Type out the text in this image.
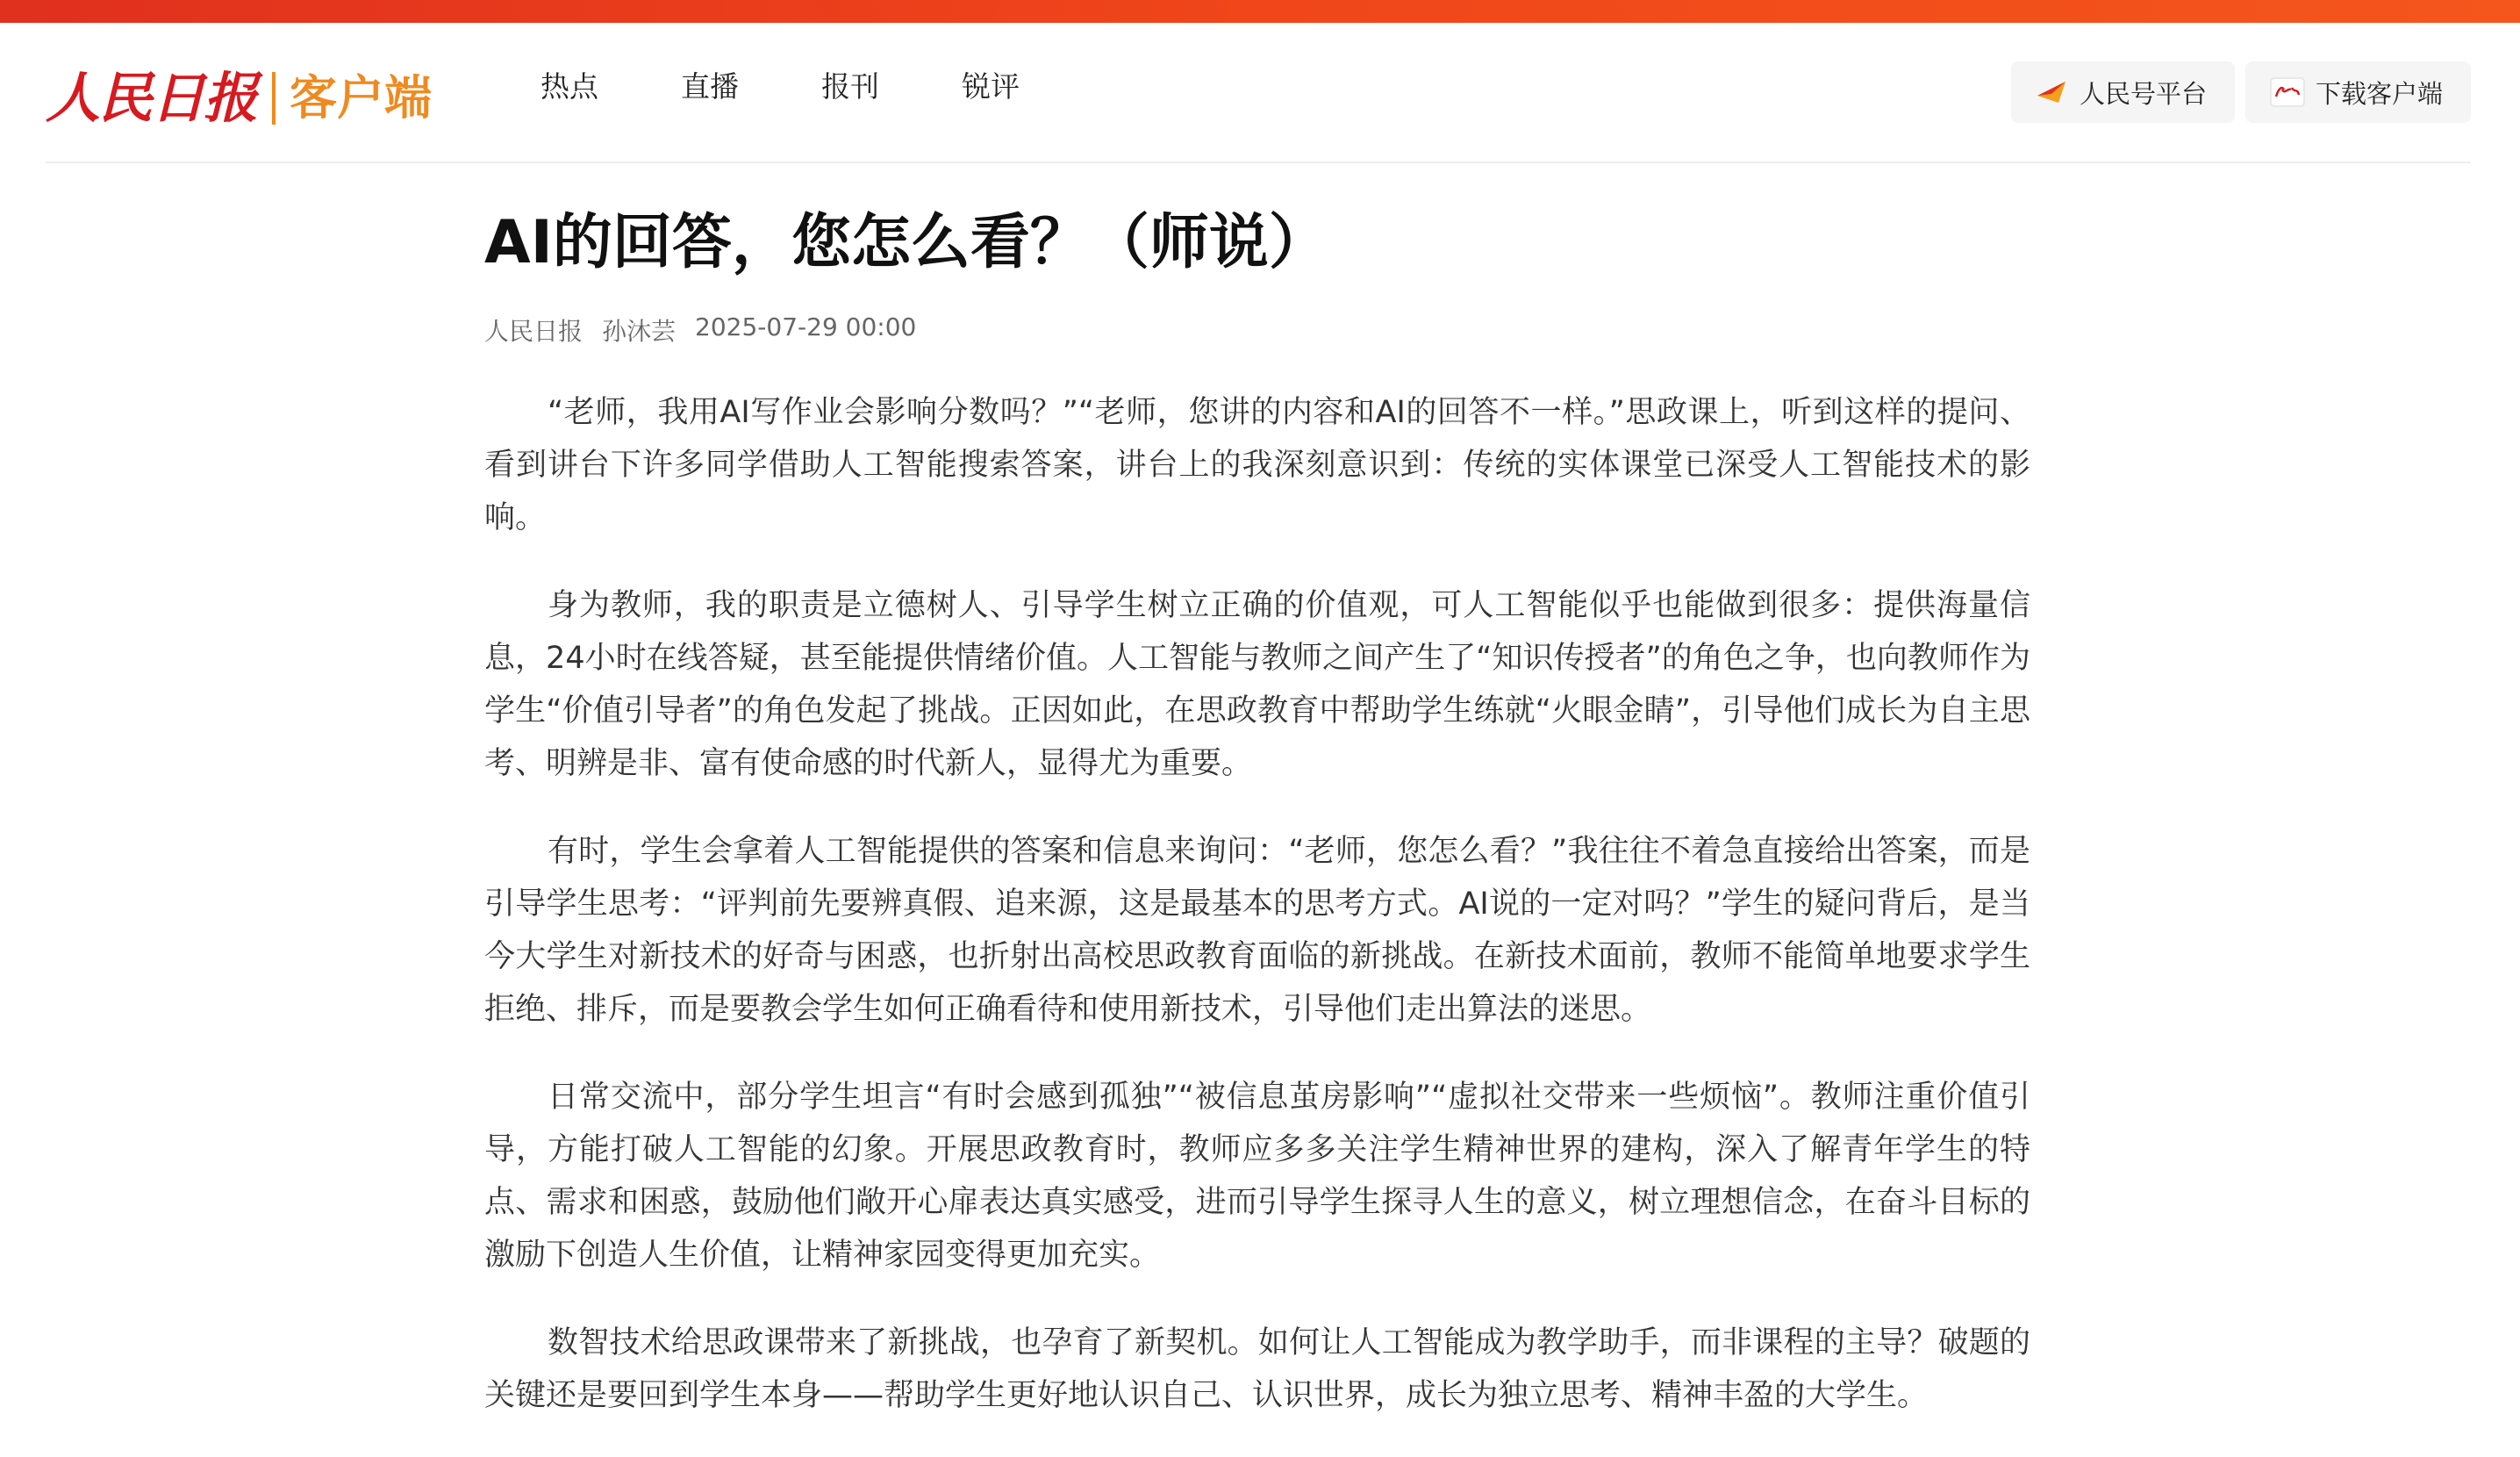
人民日报 客户端	热点	直播	报刊	锐评	人民号平台	下载客户端
AI的回答，您怎么看？（师说）
人民日报 孙沐芸 2025-07-29 00:00

“老师，我用AI写作业会影响分数吗？”“老师，您讲的内容和AI的回答不一样。”思政课上，听到这样的提问、看到讲台下许多同学借助人工智能搜索答案，讲台上的我深刻意识到：传统的实体课堂已深受人工智能技术的影响。

身为教师，我的职责是立德树人、引导学生树立正确的价值观，可人工智能似乎也能做到很多：提供海量信息，24小时在线答疑，甚至能提供情绪价值。人工智能与教师之间产生了“知识传授者”的角色之争，也向教师作为学生“价值引导者”的角色发起了挑战。正因如此，在思政教育中帮助学生练就“火眼金睛”，引导他们成长为自主思考、明辨是非、富有使命感的时代新人，显得尤为重要。

有时，学生会拿着人工智能提供的答案和信息来询问：“老师，您怎么看？”我往往不着急直接给出答案，而是引导学生思考：“评判前先要辨真假、追来源，这是最基本的思考方式。AI说的一定对吗？”学生的疑问背后，是当今大学生对新技术的好奇与困惑，也折射出高校思政教育面临的新挑战。在新技术面前，教师不能简单地要求学生拒绝、排斥，而是要教会学生如何正确看待和使用新技术，引导他们走出算法的迷思。

日常交流中，部分学生坦言“有时会感到孤独”“被信息茧房影响”“虚拟社交带来一些烦恼”。教师注重价值引导，方能打破人工智能的幻象。开展思政教育时，教师应多多关注学生精神世界的建构，深入了解青年学生的特点、需求和困惑，鼓励他们敞开心扉表达真实感受，进而引导学生探寻人生的意义，树立理想信念，在奋斗目标的激励下创造人生价值，让精神家园变得更加充实。

数智技术给思政课带来了新挑战，也孕育了新契机。如何让人工智能成为教学助手，而非课程的主导？破题的关键还是要回到学生本身——帮助学生更好地认识自己、认识世界，成长为独立思考、精神丰盈的大学生。
